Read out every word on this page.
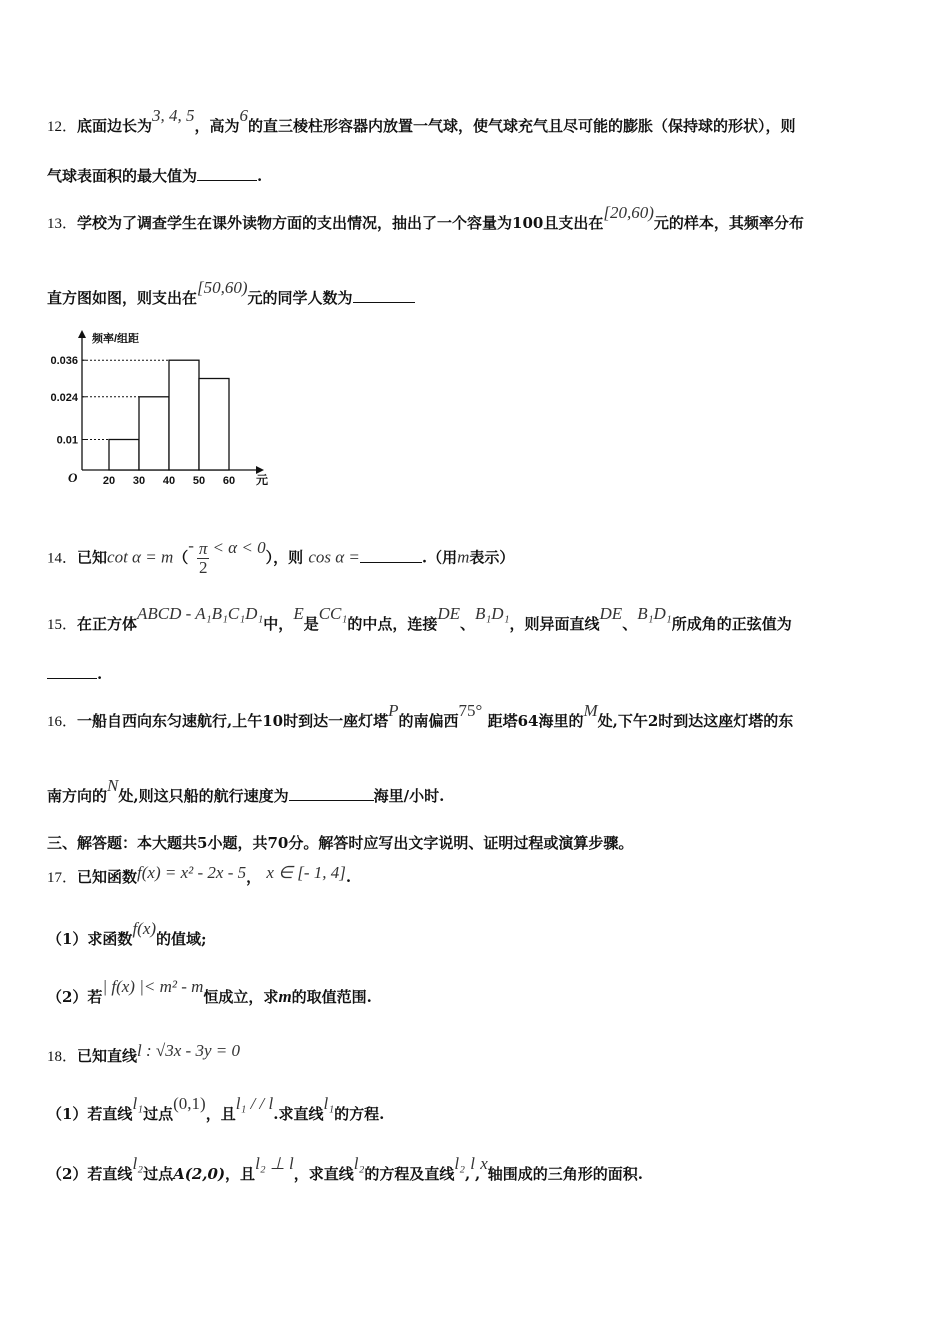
12．底面边长为3, 4, 5，高为6的直三棱柱形容器内放置一气球，使气球充气且尽可能的膨胀（保持球的形状），则
气球表面积的最大值为	.
13．学校为了调查学生在课外读物方面的支出情况，抽出了一个容量为100且支出在[20,60)元的样本，其频率分布
直方图如图，则支出在[50,60)元的同学人数为
频率/组距
O	元
0.01
0.024
0.036
20 30 40 50 60
14．已知$\cot \alpha = m(- \frac{\pi}{2} < \alpha < 0)$，则 cos α =	.（用m表示）
15．在正方体ABCD - A₁B₁C₁D₁中，E是CC₁的中点，连接DE、B₁D₁，则异面直线DE、B₁D₁所成角的正弦值为
.
16．一船自西向东匀速航行,上午10时到达一座灯塔P的南偏西75° 距塔64海里的M处,下午2时到达这座灯塔的东
南方向的N处,则这只船的航行速度为	海里/小时.
三、解答题：本大题共5小题，共70分。解答时应写出文字说明、证明过程或演算步骤。
17．已知函数f(x) = x² - 2x - 5， x ∈ [- 1, 4].
（1）求函数f(x)的值域;
（2）若| f(x) |< m² - m恒成立，求m的取值范围.
18．已知直线l : √3x - 3y = 0
（1）若直线l₁过点(0,1)，且l₁ / / l.求直线l₁的方程.
（2）若直线l₂过点A(2,0)，且l₂ ⊥ l，求直线l₂的方程及直线l₂,l,x轴围成的三角形的面积.
